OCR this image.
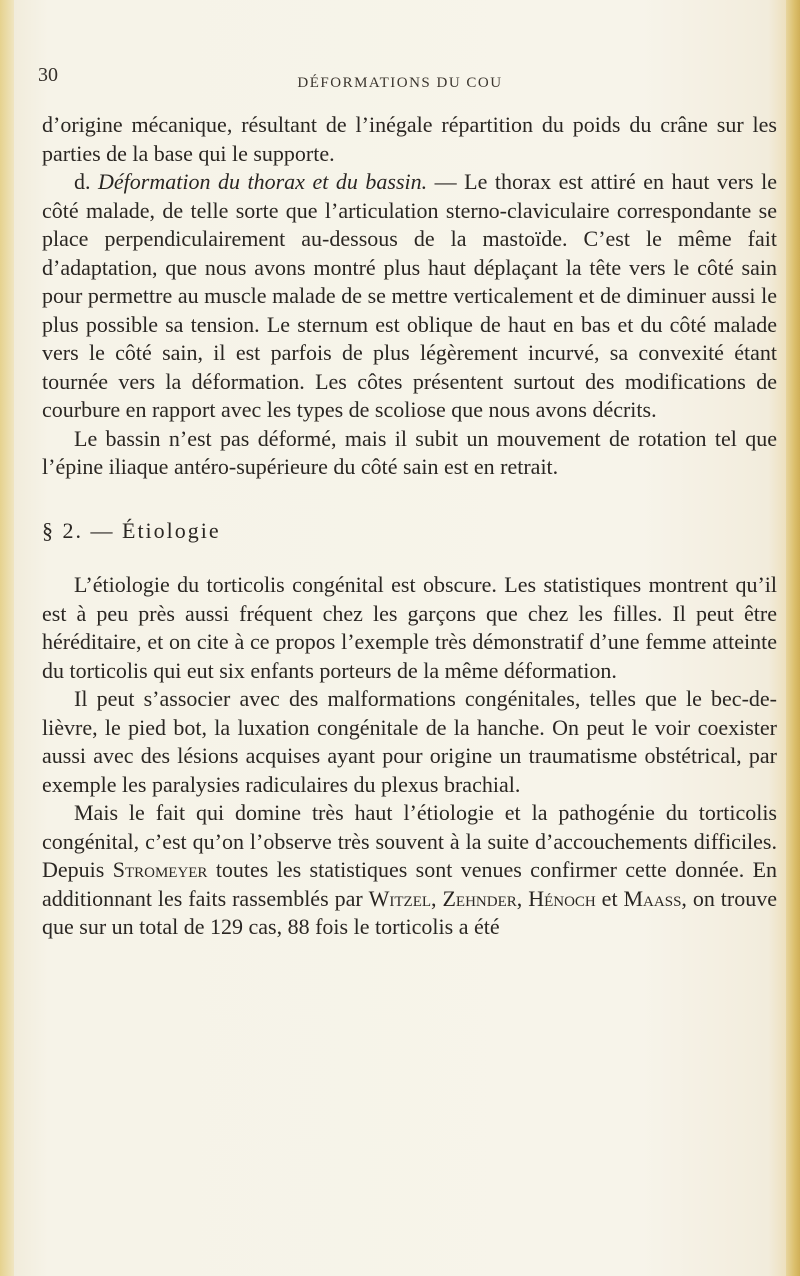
30	DÉFORMATIONS DU COU

d’origine mécanique, résultant de l’inégale répartition du poids du crâne sur les parties de la base qui le supporte.

d. Déformation du thorax et du bassin. — Le thorax est attiré en haut vers le côté malade, de telle sorte que l’articulation sterno-claviculaire correspondante se place perpendiculairement au-dessous de la mastoïde. C’est le même fait d’adaptation, que nous avons montré plus haut déplaçant la tête vers le côté sain pour permettre au muscle malade de se mettre verticalement et de diminuer aussi le plus possible sa tension. Le sternum est oblique de haut en bas et du côté malade vers le côté sain, il est parfois de plus légèrement incurvé, sa convexité étant tournée vers la déformation. Les côtes présentent surtout des modifications de courbure en rapport avec les types de scoliose que nous avons décrits.

Le bassin n’est pas déformé, mais il subit un mouvement de rotation tel que l’épine iliaque antéro-supérieure du côté sain est en retrait.

§ 2. — Étiologie

L’étiologie du torticolis congénital est obscure. Les statistiques montrent qu’il est à peu près aussi fréquent chez les garçons que chez les filles. Il peut être héréditaire, et on cite à ce propos l’exemple très démonstratif d’une femme atteinte du torticolis qui eut six enfants porteurs de la même déformation.

Il peut s’associer avec des malformations congénitales, telles que le bec-de-lièvre, le pied bot, la luxation congénitale de la hanche. On peut le voir coexister aussi avec des lésions acquises ayant pour origine un traumatisme obstétrical, par exemple les paralysies radiculaires du plexus brachial.

Mais le fait qui domine très haut l’étiologie et la pathogénie du torticolis congénital, c’est qu’on l’observe très souvent à la suite d’accouchements difficiles. Depuis Stromeyer toutes les statistiques sont venues confirmer cette donnée. En additionnant les faits rassemblés par Witzel, Zehnder, Hénoch et Maass, on trouve que sur un total de 129 cas, 88 fois le torticolis a été
